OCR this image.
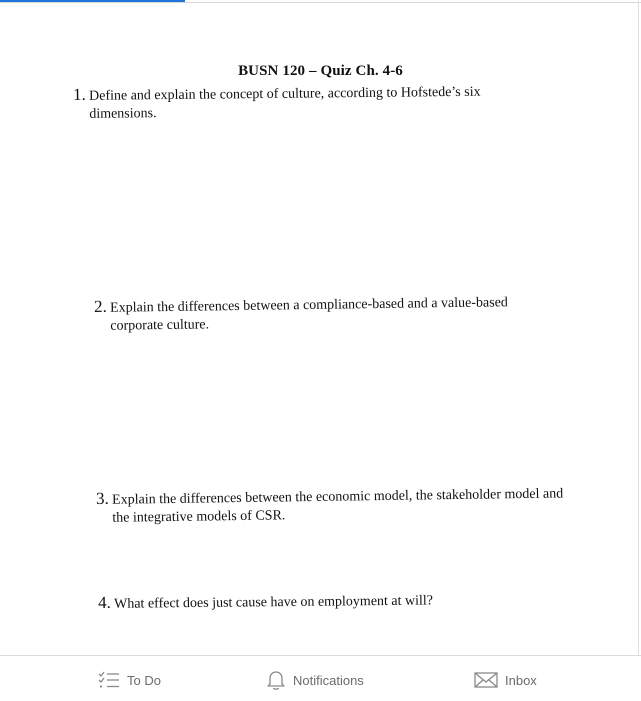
BUSN 120 – Quiz Ch. 4-6
1. Define and explain the concept of culture, according to Hofstede’s six dimensions.
2. Explain the differences between a compliance-based and a value-based corporate culture.
3. Explain the differences between the economic model, the stakeholder model and the integrative models of CSR.
4. What effect does just cause have on employment at will?
To Do	Notifications	Inbox
